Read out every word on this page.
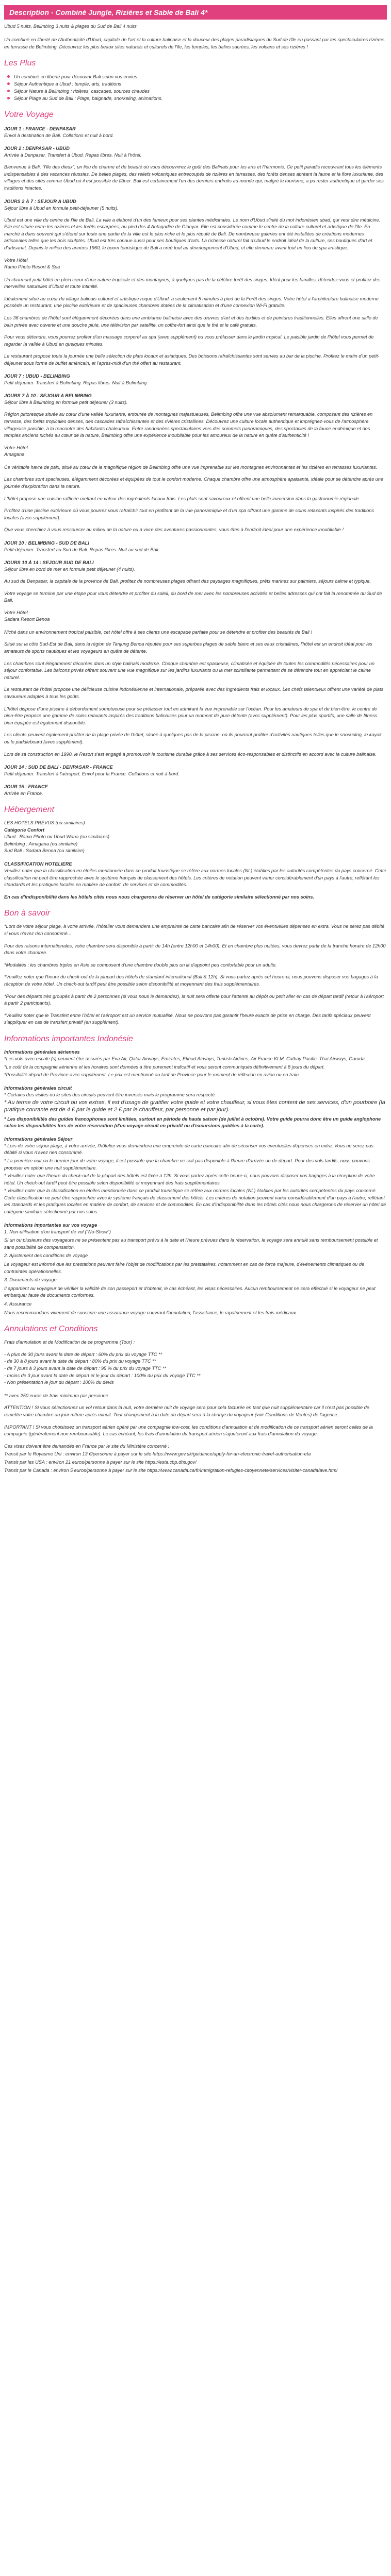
Description - Combiné Jungle, Rizières et Sable de Bali 4*
Ubud 5 nuits, Belimbing 3 nuits & plages du Sud de Bali 4 nuits

Un combiné en liberté de l'Authenticité d'Ubud, capitale de l'art et la culture balinaise et la douceur des plages paradisiaques du Sud de l'île en passant par les spectaculaires rizières en terrasse de Belimbing. Découvrez les plus beaux sites naturels et culturels de l'île, les temples, les balins sacrées, les volcans et ses rizières !

Les Plus
Un combiné en liberté pour découvrir Bali selon vos envies
Séjour Authentique à Ubud : temple, arts, traditions
Séjour Nature à Belimbing : rizières, cascades, sources chaudes
Séjour Plage au Sud de Bali : Plage, baignade, snorkeling, animations.
Votre Voyage
JOUR 1 : FRANCE - DENPASAR
Envol à destination de Bali. Collations et nuit à bord.
JOUR 2 : DENPASAR - UBUD
Arrivée à Denpasar. Transfert à Ubud. Repas libres. Nuit à l'hôtel.

Bienvenue à Bali, "l'île des dieux", un lieu de charme et de beauté où vous découvrirez le goût des Balinais pour les arts et l'harmonie. Ce petit paradis recouvrant tous les éléments indispensables à des vacances réussies. De belles plages, des reliefs volcaniques entrecoupés de rizières en terrasses, des forêts denses abritant la faune et la flore luxuriante, des villages et des cités comme Ubud où il est possible de flâner. Bali est certainement l'un des derniers endroits au monde qui, malgré le tourisme, a pu rester authentique et garder ses traditions intactes.

JOURS 2 À 7 : SEJOUR A UBUD
Séjour libre à Ubud en formule petit-déjeuner (5 nuits).

Ubud est une ville du centre de l'île de Bali. La ville a élaboré d'un des fameux pour ses plantes médicinales. Le nom d'Ubud s'inité du mot indonésien ubad, qui veut dire médicine. Elle est située entre les rizières et les forêts escarpées, au pied des 4 Antagadire de Gianyar. Elle est considérée comme le centre de la culture culturel et artistique de l'île. En marché à dans souvent qui s'étend sur toute une partie de la ville est le plus riche et le plus réputé de Bali. De nombreuse galeries ont été installées de créations modernes artisanales telles que les bois sculptés. Ubud est très connue aussi pour ses boutiques d'arts. La richesse naturel fait d'Ubud le endroit idéal de la culture, ses boutiques d'art et d'artisanat. Depuis le milieu des années 1960, le boom touristique de Bali a créé tout au développement d'Ubud, et elle demeure avant tout un lieu de spa artistique.

Votre Hôtel
Ramo Photo Resort & Spa

Un charmant petit hôtel en plein cœur d'une nature tropicale et des montagnes, à quelques pas de la célèbre forêt des singes. Idéal pour les familles, détendez-vous et profitez des merveilles naturelles d'Ubud et toute intimité.

Idéalement situé au cœur du village balinais culturel et artistique roque d'Ubud, à seulement 5 minutes à pied de la Forêt des singes. Votre hôtel a l'architecture balinaise moderne possède un restaurant, une piscine extérieure et de spacieuses chambres dotées de la climatisation et d'une connexion Wi-Fi gratuite.

Les 36 chambres de l'hôtel sont élégamment décorées dans une ambiance balinaise avec des œuvres d'art et des textiles et de peintures traditionnelles. Elles offrent une salle de bain privée avec ouverte et une douche pluie, une télévision par satellite, un coffre-fort ainsi que le thé et le café gratuits.

Pour vous détendre, vous pourrez profiter d'un massage corporel au spa (avec supplément) ou vous prélasser dans le jardin tropical. Le paisible jardin de l'hôtel vous permet de regarder la vallée à Ubud en quelques minutes.

Le restaurant propose toute la journée une belle sélection de plats locaux et asiatiques. Des boissons rafraîchissantes sont servies au bar de la piscine. Profitez le matin d'un petit-déjeuner sous forme de buffet américain, et l'après-midi d'un thé offert au restaurant.

JOUR 7 : UBUD - BELIMBING
Petit déjeuner. Transfert à Belimbing. Repas libres. Nuit à Belimbing.
JOURS 7 À 10 : SEJOUR A BELIMBING
Séjour libre à Belimbing en formule petit déjeuner (3 nuits).

Région pittoresque située au cœur d'une vallée luxuriante, entourée de montagnes majestueuses, Belimbing offre une vue absolument remarquable, composant des rizières en terrasse, des forêts tropicales denses, des cascades rafraîchissantes et des rivières cristallines. Découvrez une culture locale authentique et imprégnez-vous de l'atmosphère villageoise paisible, à la rencontre des habitants chaleureux. Entre randonnées spectaculaires vers des sommets panoramiques, des spectacles de la faune endémique et des temples anciens nichés au cœur de la nature, Belimbing offre une expérience inoubliable pour les amoureux de la nature en quête d'authenticité !

Votre Hôtel
Amagana

Ce véritable havre de paix, situé au cœur de la magnifique région de Belimbing offre une vue imprenable sur les montagnes environnantes et les rizières en terrasses luxuriantes.

Les chambres sont spacieuses, élégamment décorées et équipées de tout le confort moderne. Chaque chambre offre une atmosphère apaisante, idéale pour se détendre après une journée d'exploration dans la nature.

L'hôtel propose une cuisine raffinée mettant en valeur des ingrédients locaux frais. Les plats sont savoureux et offrent une belle immersion dans la gastronomie régionale.

Profitez d'une piscine extérieure où vous pourrez vous rafraîchir tout en profitant de la vue panoramique et d'un spa offrant une gamme de soins relaxants inspirés des traditions locales (avec supplément).

Que vous cherchiez à vous ressourcer au milieu de la nature ou à vivre des aventures passionnantes, vous êtes à l'endroit idéal pour une expérience inoubliable !

JOUR 10 : BELIMBING - SUD DE BALI
Petit-déjeuner. Transfert au Sud de Bali. Repas libres. Nuit au sud de Bali.
JOURS 10 À 14 : SEJOUR SUD DE BALI
Séjour libre en bord de mer en formule petit déjeuner (4 nuits).

Au sud de Denpasar, la capitale de la province de Bali, profitez de nombreuses plages offrant des paysages magnifiques, prêts marines sur palmiers, séjours calme et typique.

Votre voyage se termine par une étape pour vous détendre et profiter du soleil, du bord de mer avec les nombreuses activités et belles adresses qui ont fait la renommée du Sud de Bali.

Votre Hôtel
Sadara Resort Benoa

Niché dans un environnement tropical paisible, cet hôtel offre à ses clients une escapade parfaite pour se détendre et profiter des beautés de Bali !

Situé sur la côte Sud-Est de Bali, dans la région de Tanjung Benoa réputée pour ses superbes plages de sable blanc et ses eaux cristallines, l'hôtel est un endroit idéal pour les amateurs de sports nautiques et les voyageurs en quête de détente.

Les chambres sont élégamment décorées dans un style balinais moderne. Chaque chambre est spacieuse, climatisée et équipée de toutes les commodités nécessaires pour un séjour confortable. Les balcons privés offrent souvent une vue magnifique sur les jardins luxuriants ou la mer scintillante permettant de se détendre tout en appréciant le calme naturel.

Le restaurant de l'hôtel propose une délicieuse cuisine indonésienne et internationale, préparée avec des ingrédients frais et locaux. Les chefs talentueux offrent une variété de plats savoureux adaptés à tous les goûts.

L'hôtel dispose d'une piscine à débordement somptueuse pour se prélasser tout en admirant la vue imprenable sur l'océan. Pour les amateurs de spa et de bien-être, le centre de bien-être propose une gamme de soins relaxants inspirés des traditions balinaises pour un moment de pure détente (avec supplément). Pour les plus sportifs, une salle de fitness bien équipée est également disponible.

Les clients peuvent également profiter de la plage privée de l'hôtel, située à quelques pas de la piscine, où ils pourront profiter d'activités nautiques telles que le snorkeling, le kayak ou le paddleboard (avec supplément).

Lors de sa construction en 1990, le Resort s'est engagé à promouvoir le tourisme durable grâce à ses services éco-responsables et distinctifs en accord avec la culture balinaise.

JOUR 14 : SUD DE BALI - DENPASAR - FRANCE
Petit déjeuner. Transfert à l'aéroport. Envol pour la France. Collations et nuit à bord.
JOUR 15 : FRANCE
Arrivée en France.
Hébergement
LES HOTELS PREVUS (ou similaires)
Catégorie Confort
Ubud : Ramo Photo ou Ubud Wana (ou similaires)
Belimbing : Amagana (ou similaire)
Sud Bali : Sadara Benoa (ou similaire)
CLASSIFICATION HOTELIERE

Veuillez noter que la classification en étoiles mentionnée dans ce produit touristique se réfère aux normes locales (NL) établies par les autorités compétentes du pays concerné. Cette classification ne peut être rapprochée avec le système français de classement des hôtels. Les critères de notation peuvent varier considérablement d'un pays à l'autre, reflétant les standards et les pratiques locales en matière de confort, de services et de commodités.

En cas d'indisponibilité dans les hôtels cités nous nous chargerons de réserver un hôtel de catégorie similaire sélectionné par nos soins.

Bon à savoir

*Lors de votre séjour plage, à votre arrivée, l'hôtelier vous demandera une empreinte de carte bancaire afin de réserver vos éventuelles dépenses en extra. Vous ne serez pas débité si vous n'avez rien consommé...

Pour des raisons internationales, votre chambre sera disponible à partir de 14h (entre 12h00 et 14h00). Et en chambre plus nuitées, vous devrez partir de la tranche horaire de 12h00 dans votre chambre.

*Modalités : les chambres triples en Asie se composent d'une chambre double plus un lit d'appoint peu confortable pour un adulte.

*Veuillez noter que l'heure du check-out de la plupart des hôtels de standard international (Bali & 12h). Si vous partez après cet heure-ci, nous pouvons disposer vos bagages à la réception de votre hôtel. Un check-out tardif peut être possible selon disponibilité et moyennant des frais supplémentaires.

*Pour des départs très groupés à partir de 2 personnes (si vous nous le demandez), la nuit sera offerte pour l'attente au dépôt ou petit aller en cas de départ tardif (retour à l'aéroport à partir 2 participants).

*Veuillez noter que le Transfert entre l'hôtel et l'aéroport est un service mutualisé. Nous ne pouvons pas garantir l'heure exacte de prise en charge. Des tarifs spéciaux peuvent s'appliquer en cas de transfert privatif (en supplément).

Informations importantes Indonésie
Informations générales aériennes

*Les vols avec escale (s) peuvent être assurés par Eva Air, Qatar Airways, Emirates, Etihad Airways, Turkish Airlines, Air France KLM, Cathay Pacific, Thai Airways, Garuda...

*Le coût de la compagnie aérienne et les horaires sont données à titre purement indicatif et vous seront communiqués définitivement à 8 jours du départ.

*Possibilité départ de Province avec supplément. Le prix est mentionné au tarif de Province pour le moment de réflexion en avion ou en train.

Informations générales circuit

* Certains des visites ou le sites des circuits peuvent être inversés mais le programme sera respecté.

* Au terme de votre circuit ou vos extras, il est d'usage de gratifier votre guide et votre chauffeur, si vous êtes content de ses services, d'un pourboire (la pratique courante est de 4 € par le guide et 2 € par le chauffeur, par personne et par jour).

* Les disponibilités des guides francophones sont limitées, surtout en période de haute saison (de juillet à octobre). Votre guide pourra donc être un guide anglophone selon les disponibilités lors de votre réservation (d'un voyage circuit en privatif ou d'excursions guidées à la carte).

Informations générales Séjour

* Lors de votre séjour plage, à votre arrivée, l'hôtelier vous demandera une empreinte de carte bancaire afin de sécuriser vos éventuelles dépenses en extra. Vous ne serez pas débité si vous n'avez rien consommé.

* La première nuit ou le dernier jour de votre voyage, il est possible que la chambre ne soit pas disponible à l'heure d'arrivée ou de départ. Pour des vols tardifs, nous pouvons proposer en option une nuit supplémentaire.

* Veuillez noter que l'heure du check-out de la plupart des hôtels est fixée à 12h. Si vous partez après cette heure-ci, nous pouvons disposer vos bagages à la réception de votre hôtel. Un check-out tardif peut être possible selon disponibilité et moyennant des frais supplémentaires.

* Veuillez noter que la classification en étoiles mentionnée dans ce produit touristique se réfère aux normes locales (NL) établies par les autorités compétentes du pays concerné. Cette classification ne peut être rapprochée avec le système français de classement des hôtels. Les critères de notation peuvent varier considérablement d'un pays à l'autre, reflétant les standards et les pratiques locales en matière de confort, de services et de commodités. En cas d'indisponibilité dans les hôtels cités nous nous chargerons de réserver un hôtel de catégorie similaire sélectionné par nos soins.

Informations importantes sur vos voyage
1. Non-utilisation d'un transport de vol ("No-Show")
Si un ou plusieurs des voyageurs ne se présentent pas au transport prévu à la date et l'heure prévues dans la réservation, le voyage sera annulé sans remboursement possible et sans possibilité de compensation.
2. Ajustement des conditions de voyage
Le voyageur est informé que les prestations peuvent faire l'objet de modifications par les prestataires, notamment en cas de force majeure, d'événements climatiques ou de contraintes opérationnelles.
3. Documents de voyage
Il appartient au voyageur de vérifier la validité de son passeport et d'obtenir, le cas échéant, les visas nécessaires. Aucun remboursement ne sera effectué si le voyageur ne peut embarquer faute de documents conformes.
4. Assurance
Nous recommandons vivement de souscrire une assurance voyage couvrant l'annulation, l'assistance, le rapatriement et les frais médicaux.
Annulations et Conditions

Frais d'annulation et de Modification de ce programme (Tour) :

- A plus de 30 jours avant la date de départ : 60% du prix du voyage TTC **
- de 30 à 8 jours avant la date de départ : 80% du prix du voyage TTC **
- de 7 jours à 3 jours avant la date de départ : 95 % du prix du voyage TTC **
- moins de 3 jour avant la date de départ et le jour du départ : 100% du prix du voyage TTC **
- Non présentation le jour du départ : 100% du devis

** avec 250 euros de frais minimum par personne

ATTENTION ! Si vous sélectionnez un vol retour dans la nuit, votre dernière nuit de voyage sera pour cela facturée en tant que nuit supplémentaire car il n'est pas possible de remettre votre chambre au jour même après minuit. Tout changement à la date du départ sera à la charge du voyageur (voir Conditions de Ventes) de l'agence.

IMPORTANT ! Si vous choisissez un transport aérien opéré par une compagnie low-cost, les conditions d'annulation et de modification de ce transport aérien seront celles de la compagnie (généralement non remboursable). Le cas échéant, les frais d'annulation du transport aérien s'ajouteront aux frais d'annulation du voyage.

Ces visas doivent être demandés en France par le site du Ministère concerné :

Transit par le Royaume Uni : environ 13 €/personne à payer sur le site https://www.gov.uk/guidance/apply-for-an-electronic-travel-authorisation-eta

Transit par les USA : environ 21 euros/personne à payer sur le site https://esta.cbp.dhs.gov/

Transit par le Canada : environ 5 euros/personne à payer sur le site https://www.canada.ca/fr/immigration-refugies-citoyennete/services/visiter-canada/ave.html
